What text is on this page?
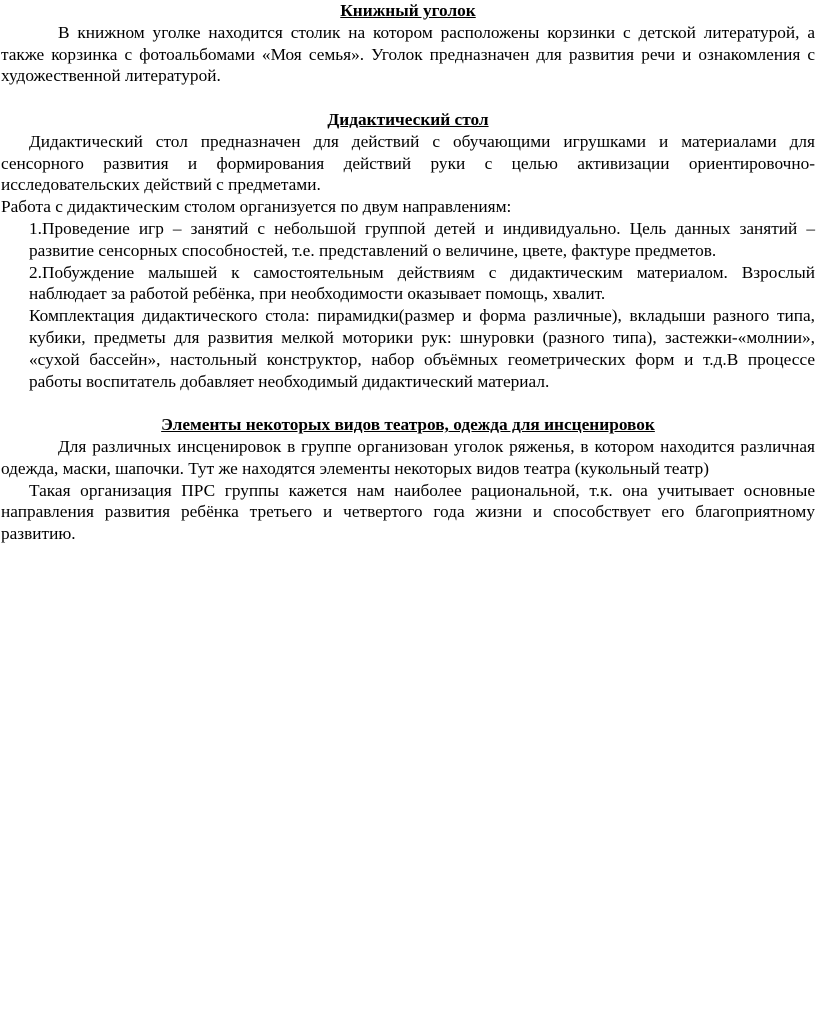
Книжный уголок

В книжном уголке находится столик на котором расположены корзинки с детской литературой, а также корзинка с фотоальбомами «Моя семья». Уголок предназначен для развития речи и ознакомления с художественной литературой.

Дидактический стол

Дидактический стол предназначен для действий с обучающими игрушками и материалами для сенсорного развития и формирования действий руки с целью активизации ориентировочно-исследовательских действий с предметами.

Работа с дидактическим столом организуется по двум направлениям:

1.Проведение игр – занятий с небольшой группой детей и индивидуально. Цель данных занятий – развитие сенсорных способностей, т.е. представлений о величине, цвете, фактуре предметов.

2.Побуждение малышей к самостоятельным действиям с дидактическим материалом. Взрослый наблюдает за работой ребёнка, при необходимости оказывает помощь, хвалит.

Комплектация дидактического стола: пирамидки(размер и форма различные), вкладыши разного типа, кубики, предметы для развития мелкой моторики рук: шнуровки (разного типа), застежки-«молнии», «сухой бассейн», настольный конструктор, набор объёмных геометрических форм и т.д.В процессе работы воспитатель добавляет необходимый дидактический материал.

Элементы некоторых видов театров, одежда для инсценировок

Для различных инсценировок в группе организован уголок ряженья, в котором находится различная одежда, маски, шапочки. Тут же находятся элементы некоторых видов театра (кукольный театр)

Такая организация ПРС группы кажется нам наиболее рациональной, т.к. она учитывает основные направления развития ребёнка третьего и четвертого года жизни и способствует его благоприятному развитию.
